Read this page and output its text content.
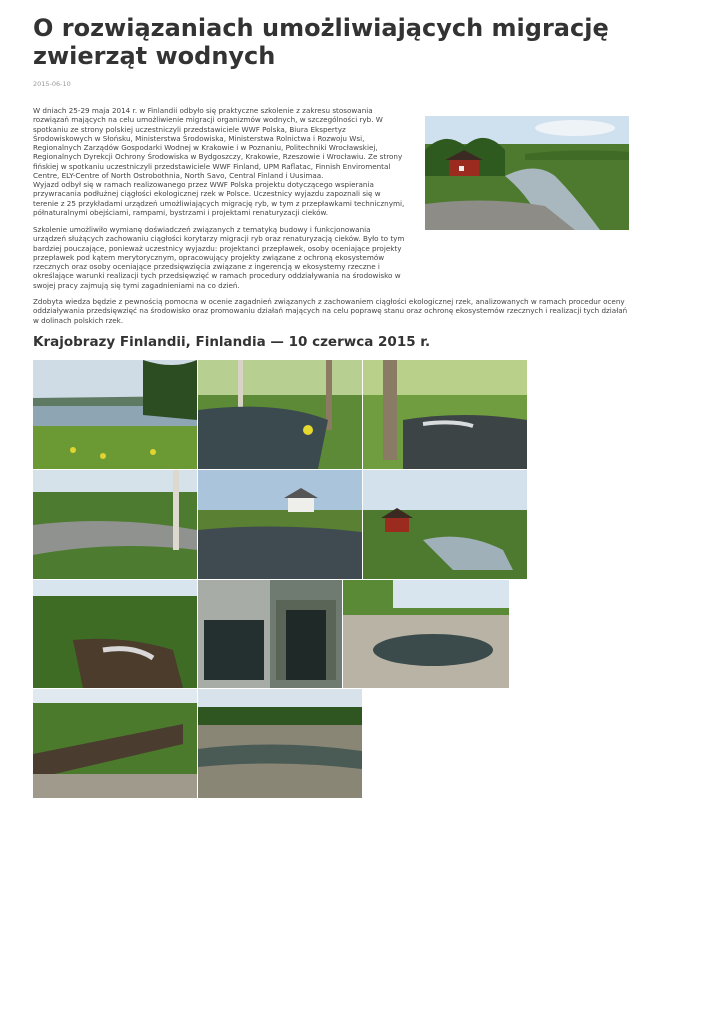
O rozwiązaniach umożliwiających migrację zwierząt wodnych
2015-06-10

W dniach 25-29 maja 2014 r. w Finlandii odbyło się praktyczne szkolenie z zakresu stosowania rozwiązań mających na celu umożliwienie migracji organizmów wodnych, w szczególności ryb. W spotkaniu ze strony polskiej uczestniczyli przedstawiciele WWF Polska, Biura Ekspertyz Środowiskowych w Słońsku, Ministerstwa Środowiska, Ministerstwa Rolnictwa i Rozwoju Wsi, Regionalnych Zarządów Gospodarki Wodnej w Krakowie i w Poznaniu, Politechniki Wrocławskiej, Regionalnych Dyrekcji Ochrony Środowiska w Bydgoszczy, Krakowie, Rzeszowie i Wrocławiu. Ze strony fińskiej w spotkaniu uczestniczyli przedstawiciele WWF Finland, UPM Raflatac, Finnish Enviromental Centre, ELY-Centre of North Ostrobothnia, North Savo, Central Finland i Uusimaa.

Wyjazd odbył się w ramach realizowanego przez WWF Polska projektu dotyczącego wspierania przywracania podłużnej ciągłości ekologicznej rzek w Polsce. Uczestnicy wyjazdu zapoznali się w terenie z 25 przykładami urządzeń umożliwiających migrację ryb, w tym z przepławkami technicznymi, półnaturalnymi obejściami, rampami, bystrzami i projektami renaturyzacji cieków.

Szkolenie umożliwiło wymianę doświadczeń związanych z tematyką budowy i funkcjonowania urządzeń służących zachowaniu ciągłości korytarzy migracji ryb oraz renaturyzacją cieków. Było to tym bardziej pouczające, ponieważ uczestnicy wyjazdu: projektanci przepławek, osoby oceniające projekty przepławek pod kątem merytorycznym, opracowujący projekty związane z ochroną ekosystemów rzecznych oraz osoby oceniające przedsięwzięcia związane z ingerencją w ekosystemy rzeczne i określające warunki realizacji tych przedsięwzięć w ramach procedury oddziaływania na środowisko w swojej pracy zajmują się tymi zagadnieniami na co dzień.

Zdobyta wiedza będzie z pewnością pomocna w ocenie zagadnień związanych z zachowaniem ciągłości ekologicznej rzek, analizowanych w ramach procedur oceny oddziaływania przedsięwzięć na środowisko oraz promowaniu działań mających na celu poprawę stanu oraz ochronę ekosystemów rzecznych i realizacji tych działań w dolinach polskich rzek.

Krajobrazy Finlandii, Finlandia — 10 czerwca 2015 r.
